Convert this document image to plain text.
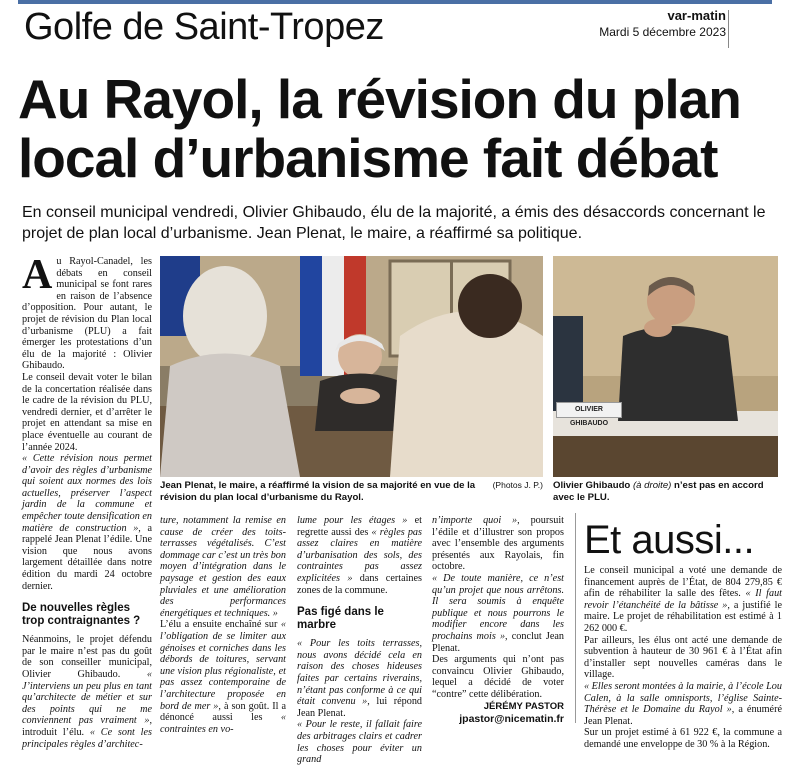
Golfe de Saint-Tropez	var-matin
Mardi 5 décembre 2023
Au Rayol, la révision du plan
local d’urbanisme fait débat
En conseil municipal vendredi, Olivier Ghibaudo, élu de la majorité, a émis des désaccords concernant le projet de plan local d’urbanisme. Jean Plenat, le maire, a réaffirmé sa politique.

Au Rayol-Canadel, les débats en conseil municipal se font rares en raison de l’absence d’opposition. Pour autant, le projet de révision du Plan local d’urbanisme (PLU) a fait émerger les protestations d’un élu de la majorité : Olivier Ghibaudo.

Le conseil devait voter le bilan de la concertation réalisée dans le cadre de la révision du PLU, vendredi dernier, et d’arrêter le projet en attendant sa mise en place éventuelle au courant de l’année 2024.

« Cette révision nous permet d’avoir des règles d’urbanisme qui soient aux normes des lois actuelles, préserver l’aspect jardin de la commune et empêcher toute densification en matière de construction », a rappelé Jean Plenat l’édile. Une vision que nous avons largement détaillée dans notre édition du mardi 24 octobre dernier.

De nouvelles règles trop contraignantes ?

Néanmoins, le projet défendu par le maire n’est pas du goût de son conseiller municipal, Olivier Ghibaudo. « J’interviens un peu plus en tant qu’architecte de métier et sur des points qui ne me conviennent pas vraiment », introduit l’élu. « Ce sont les principales règles d’architec-

(Photos J. P.)
Jean Plenat, le maire, a réaffirmé la vision de sa majorité en vue de la révision du plan local d’urbanisme du Rayol.
OLIVIER GHIBAUDO
Olivier Ghibaudo (à droite) n’est pas en accord avec le PLU.

ture, notamment la remise en cause de créer des toits-terrasses végétalisés. C’est dommage car c’est un très bon moyen d’intégration dans le paysage et gestion des eaux pluviales et une amélioration des performances énergétiques et techniques. »

L’élu a ensuite enchaîné sur « l’obligation de se limiter aux génoises et corniches dans les débords de toitures, servant une vision plus régionaliste, et pas assez contemporaine de l’architecture proposée en bord de mer », à son goût. Il a dénoncé aussi les « contraintes en vo-

lume pour les étages » et regrette aussi des « règles pas assez claires en matière d’urbanisation des sols, des contraintes pas assez explicitées » dans certaines zones de la commune.

Pas figé dans le marbre

« Pour les toits terrasses, nous avons décidé cela en raison des choses hideuses faites par certains riverains, n’étant pas conforme à ce qui était convenu », lui répond Jean Plenat.

« Pour le reste, il fallait faire des arbitrages clairs et cadrer les choses pour éviter un grand

n’importe quoi », poursuit l’édile et d’illustrer son propos avec l’ensemble des arguments présentés aux Rayolais, fin octobre.

« De toute manière, ce n’est qu’un projet que nous arrêtons. Il sera soumis à enquête publique et nous pourrons le modifier encore dans les prochains mois », conclut Jean Plenat.

Des arguments qui n’ont pas convaincu Olivier Ghibaudo, lequel a décidé de voter “contre” cette délibération.

JÉRÉMY PASTOR
jpastor@nicematin.fr
Et aussi...

Le conseil municipal a voté une demande de financement auprès de l’État, de 804 279,85 € afin de réhabiliter la salle des fêtes. « Il faut revoir l’étanchéité de la bâtisse », a justifié le maire. Le projet de réhabilitation est estimé à 1 262 000 €.

Par ailleurs, les élus ont acté une demande de subvention à hauteur de 30 961 € à l’État afin d’installer sept nouvelles caméras dans le village.

« Elles seront montées à la mairie, à l’école Lou Calen, à la salle omnisports, l’église Sainte-Thérèse et le Domaine du Rayol », a énuméré Jean Plenat.

Sur un projet estimé à 61 922 €, la commune a demandé une enveloppe de 30 % à la Région.
